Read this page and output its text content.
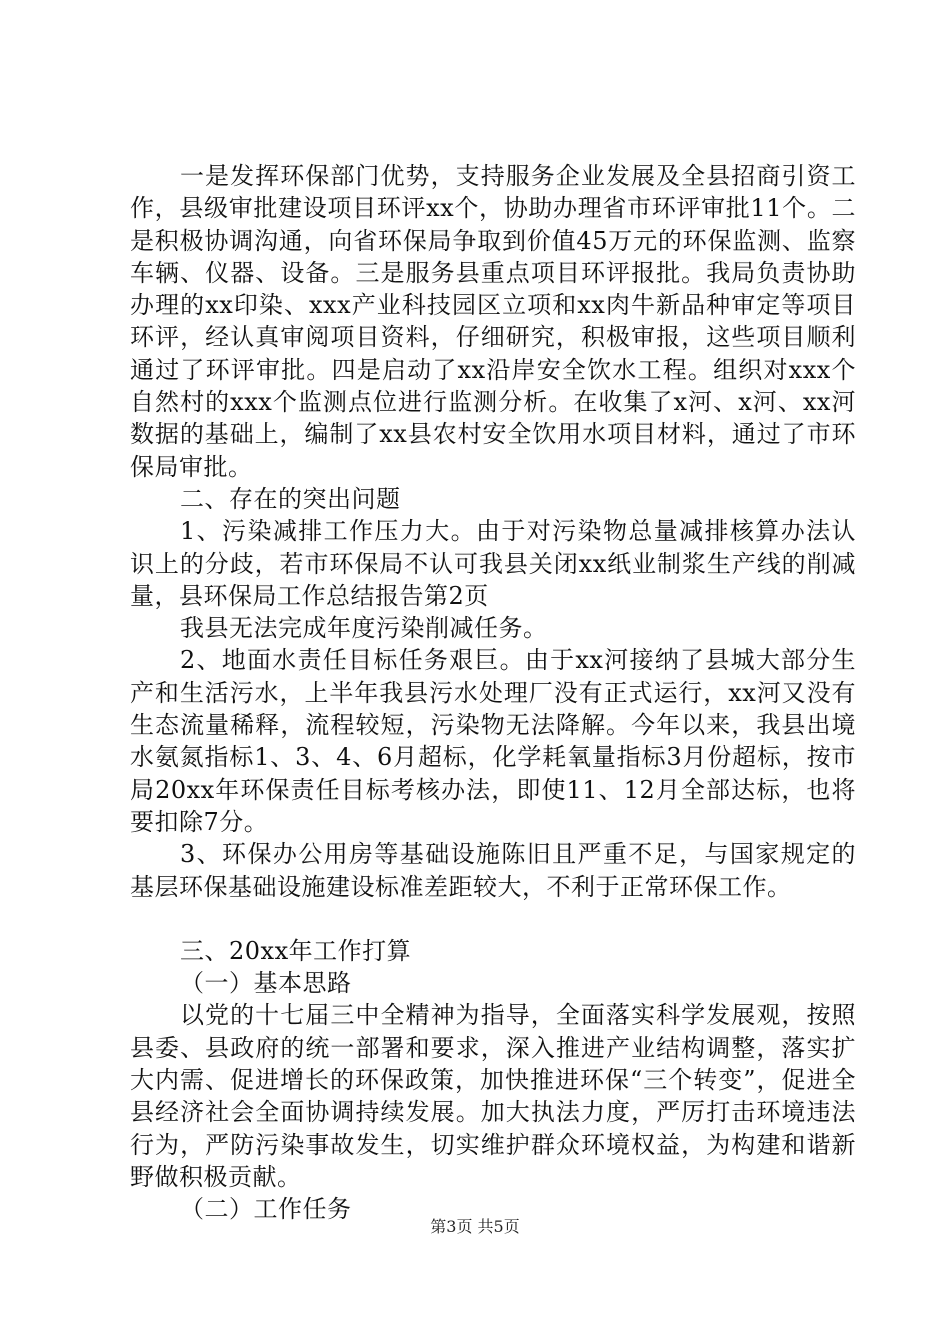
一是发挥环保部门优势，支持服务企业发展及全县招商引资工作，县级审批建设项目环评xx个，协助办理省市环评审批11个。二是积极协调沟通，向省环保局争取到价值45万元的环保监测、监察车辆、仪器、设备。三是服务县重点项目环评报批。我局负责协助办理的xx印染、xxx产业科技园区立项和xx肉牛新品种审定等项目环评，经认真审阅项目资料，仔细研究，积极审报，这些项目顺利通过了环评审批。四是启动了xx沿岸安全饮水工程。组织对xxx个自然村的xxx个监测点位进行监测分析。在收集了x河、x河、xx河数据的基础上，编制了xx县农村安全饮用水项目材料，通过了市环保局审批。

二、存在的突出问题

1、污染减排工作压力大。由于对污染物总量减排核算办法认识上的分歧，若市环保局不认可我县关闭xx纸业制浆生产线的削减量，县环保局工作总结报告第2页

我县无法完成年度污染削减任务。

2、地面水责任目标任务艰巨。由于xx河接纳了县城大部分生产和生活污水，上半年我县污水处理厂没有正式运行，xx河又没有生态流量稀释，流程较短，污染物无法降解。今年以来，我县出境水氨氮指标1、3、4、6月超标，化学耗氧量指标3月份超标，按市局20xx年环保责任目标考核办法，即使11、12月全部达标，也将要扣除7分。

3、环保办公用房等基础设施陈旧且严重不足，与国家规定的基层环保基础设施建设标准差距较大，不利于正常环保工作。

三、20xx年工作打算

（一）基本思路

以党的十七届三中全精神为指导，全面落实科学发展观，按照县委、县政府的统一部署和要求，深入推进产业结构调整，落实扩大内需、促进增长的环保政策，加快推进环保“三个转变”，促进全县经济社会全面协调持续发展。加大执法力度，严厉打击环境违法行为，严防污染事故发生，切实维护群众环境权益，为构建和谐新野做积极贡献。

（二）工作任务

第3页 共5页
